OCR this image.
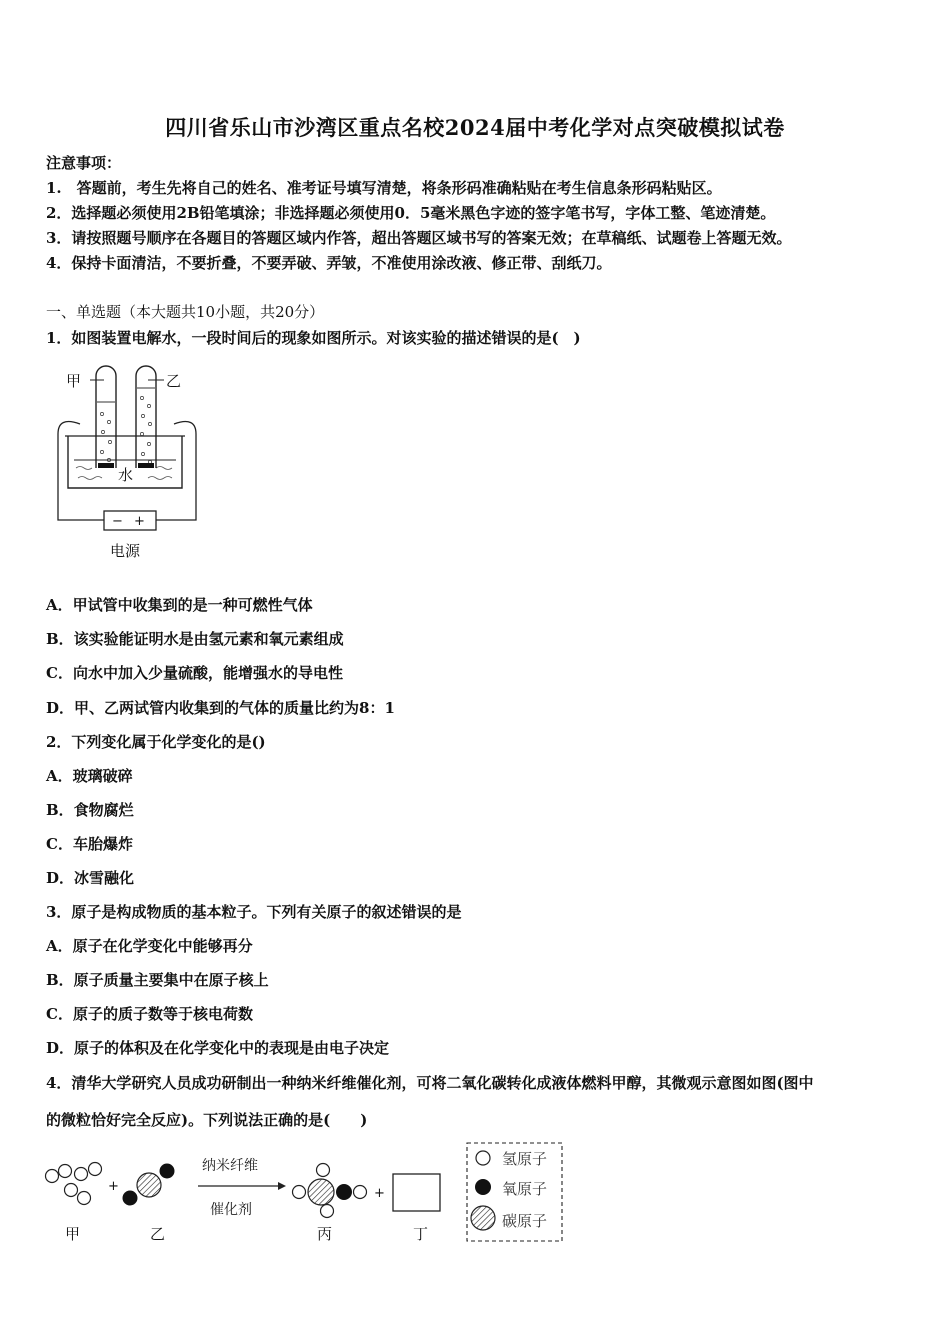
四川省乐山市沙湾区重点名校2024届中考化学对点突破模拟试卷
注意事项：
1.　答题前，考生先将自己的姓名、准考证号填写清楚，将条形码准确粘贴在考生信息条形码粘贴区。
2．选择题必须使用2B铅笔填涂；非选择题必须使用0．5毫米黑色字迹的签字笔书写，字体工整、笔迹清楚。
3．请按照题号顺序在各题目的答题区域内作答，超出答题区域书写的答案无效；在草稿纸、试题卷上答题无效。
4．保持卡面清洁，不要折叠，不要弄破、弄皱，不准使用涂改液、修正带、刮纸刀。
一、单选题（本大题共10小题，共20分）
1．如图装置电解水，一段时间后的现象如图所示。对该实验的描述错误的是(　)
甲	乙
水
− +
电源
A．甲试管中收集到的是一种可燃性气体
B．该实验能证明水是由氢元素和氧元素组成
C．向水中加入少量硫酸，能增强水的导电性
D．甲、乙两试管内收集到的气体的质量比约为8：1
2．下列变化属于化学变化的是()
A．玻璃破碎
B．食物腐烂
C．车胎爆炸
D．冰雪融化
3．原子是构成物质的基本粒子。下列有关原子的叙述错误的是
A．原子在化学变化中能够再分
B．原子质量主要集中在原子核上
C．原子的质子数等于核电荷数
D．原子的体积及在化学变化中的表现是由电子决定
4．清华大学研究人员成功研制出一种纳米纤维催化剂，可将二氧化碳转化成液体燃料甲醇，其微观示意图如图(图中
的微粒恰好完全反应)。下列说法正确的是(　　)
+
纳米纤维
催化剂
+
甲	乙	丙	丁
氢原子
氧原子
碳原子
